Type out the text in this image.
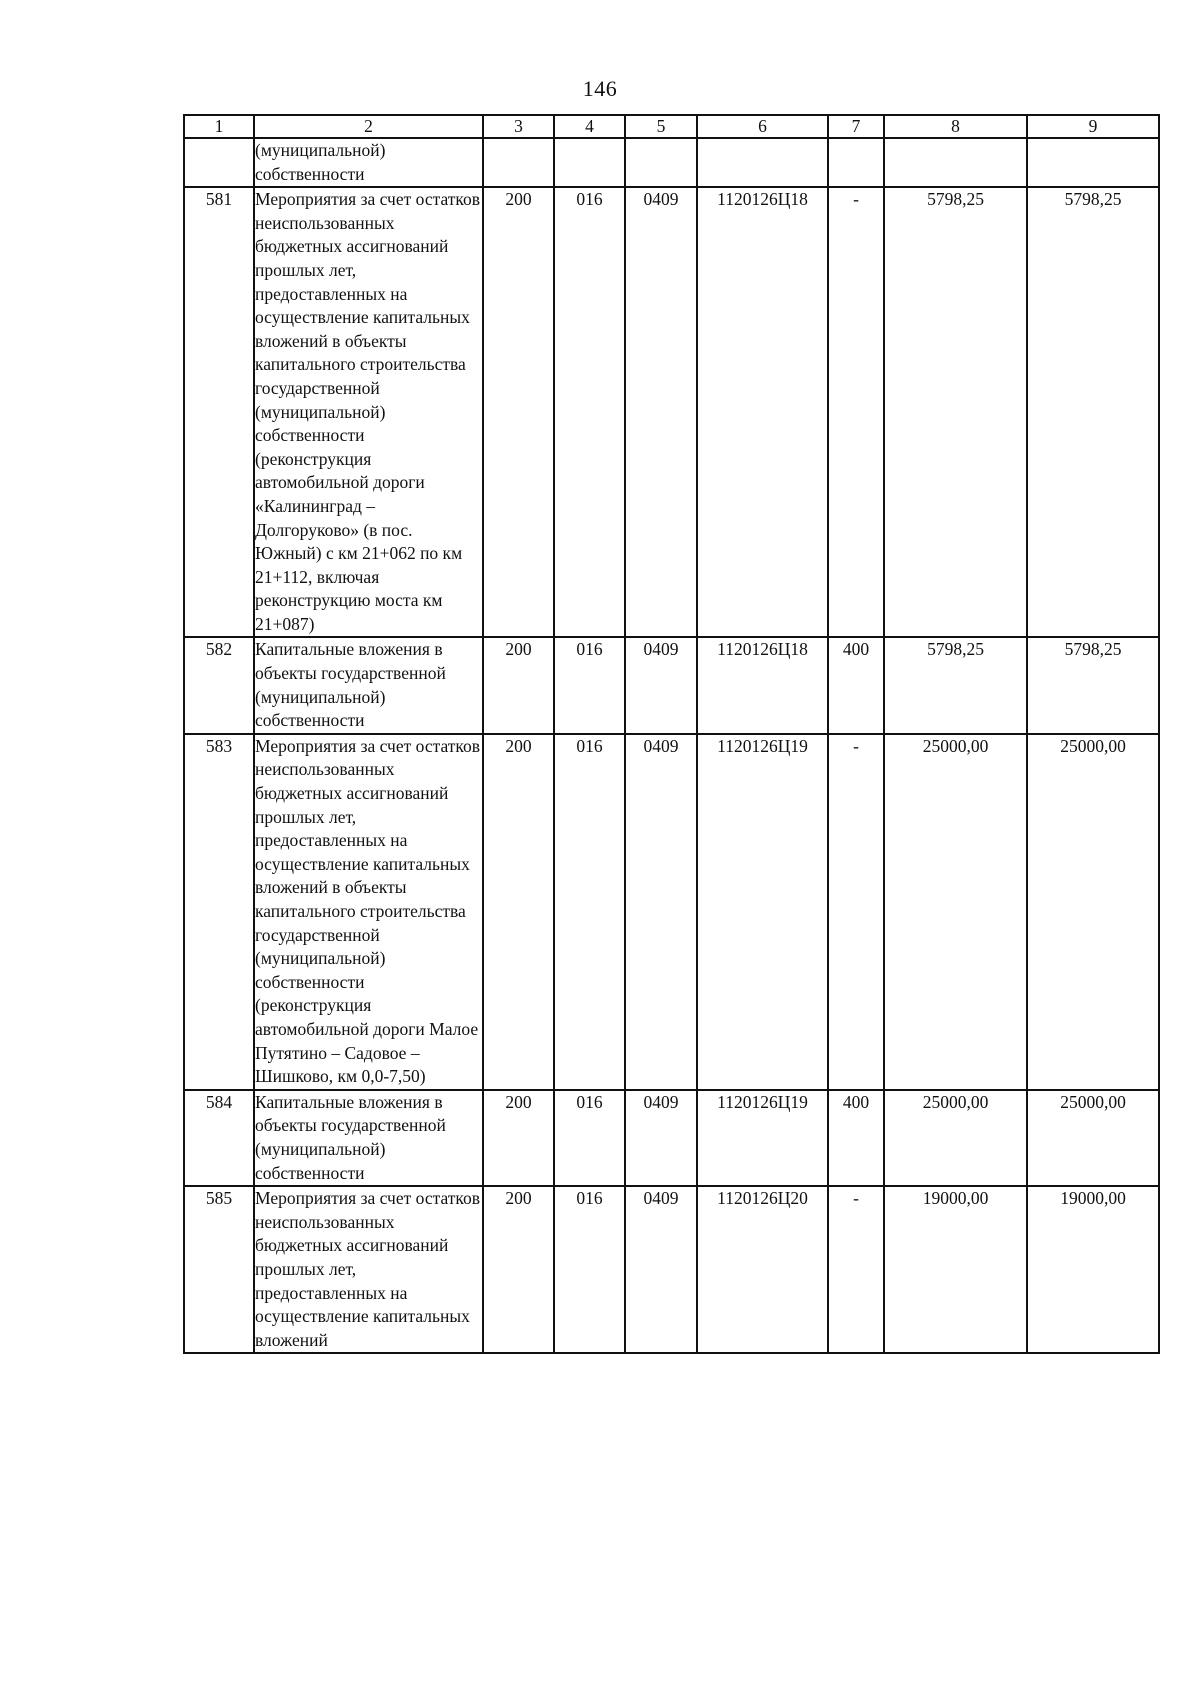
146
1	2	3	4	5	6	7	8	9
	(муниципальной) собственности							
581	Мероприятия за счет остатков неиспользованных бюджетных ассигнований прошлых лет, предоставленных на осуществление капитальных вложений в объекты капитального строительства государственной (муниципальной) собственности (реконструкция автомобильной дороги «Калининград – Долгоруково» (в пос. Южный) с км 21+062 по км 21+112, включая реконструкцию моста км 21+087)	200	016	0409	1120126Ц18	-	5798,25	5798,25
582	Капитальные вложения в объекты государственной (муниципальной) собственности	200	016	0409	1120126Ц18	400	5798,25	5798,25
583	Мероприятия за счет остатков неиспользованных бюджетных ассигнований прошлых лет, предоставленных на осуществление капитальных вложений в объекты капитального строительства государственной (муниципальной) собственности (реконструкция автомобильной дороги Малое Путятино – Садовое – Шишково, км 0,0-7,50)	200	016	0409	1120126Ц19	-	25000,00	25000,00
584	Капитальные вложения в объекты государственной (муниципальной) собственности	200	016	0409	1120126Ц19	400	25000,00	25000,00
585	Мероприятия за счет остатков неиспользованных бюджетных ассигнований прошлых лет, предоставленных на осуществление капитальных вложений	200	016	0409	1120126Ц20	-	19000,00	19000,00
